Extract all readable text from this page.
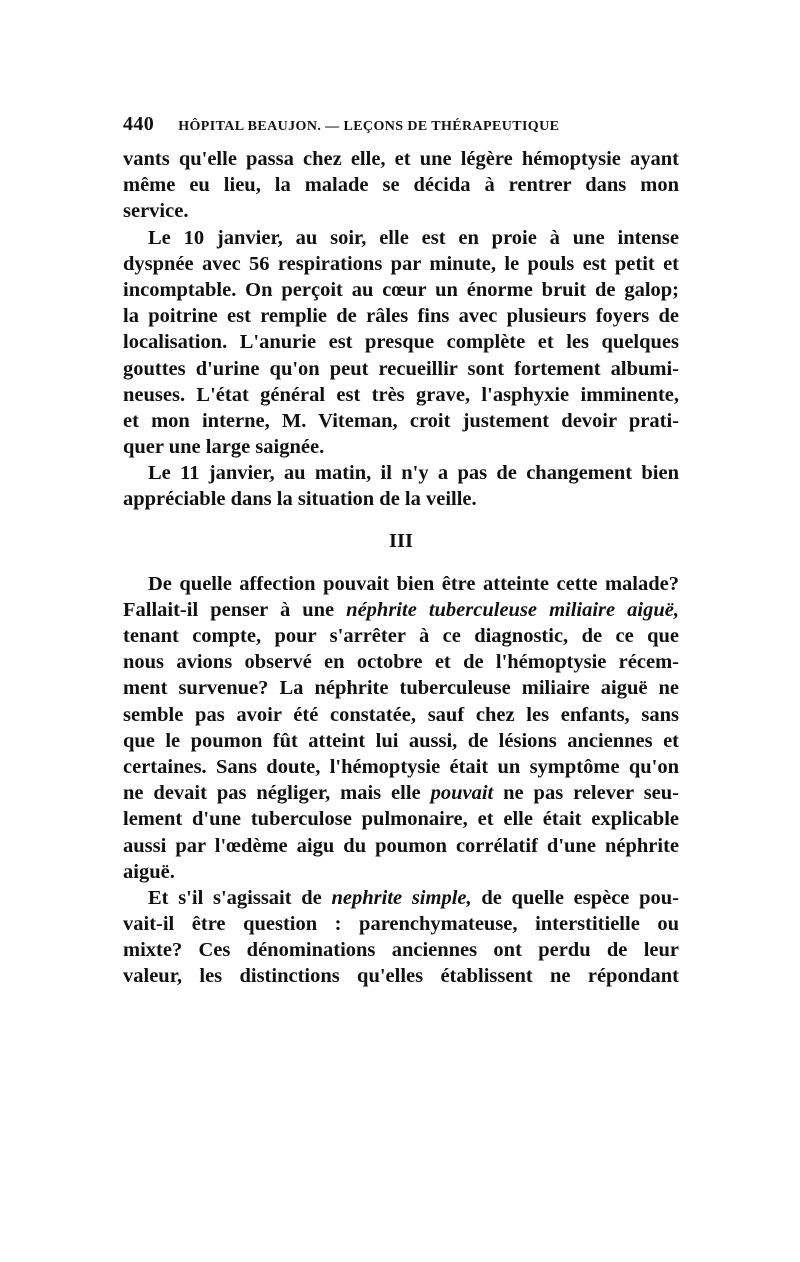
440 HÔPITAL BEAUJON. — LEÇONS DE THÉRAPEUTIQUE
vants qu'elle passa chez elle, et une légère hémoptysie ayant
même eu lieu, la malade se décida à rentrer dans mon
service.
Le 10 janvier, au soir, elle est en proie à une intense
dyspnée avec 56 respirations par minute, le pouls est petit et
incomptable. On perçoit au cœur un énorme bruit de galop;
la poitrine est remplie de râles fins avec plusieurs foyers de
localisation. L'anurie est presque complète et les quelques
gouttes d'urine qu'on peut recueillir sont fortement albumi-
neuses. L'état général est très grave, l'asphyxie imminente,
et mon interne, M. Viteman, croit justement devoir prati-
quer une large saignée.
Le 11 janvier, au matin, il n'y a pas de changement bien
appréciable dans la situation de la veille.
III
De quelle affection pouvait bien être atteinte cette malade?
Fallait-il penser à une néphrite tuberculeuse miliaire aiguë,
tenant compte, pour s'arrêter à ce diagnostic, de ce que
nous avions observé en octobre et de l'hémoptysie récem-
ment survenue? La néphrite tuberculeuse miliaire aiguë ne
semble pas avoir été constatée, sauf chez les enfants, sans
que le poumon fût atteint lui aussi, de lésions anciennes et
certaines. Sans doute, l'hémoptysie était un symptôme qu'on
ne devait pas négliger, mais elle pouvait ne pas relever seu-
lement d'une tuberculose pulmonaire, et elle était explicable
aussi par l'œdème aigu du poumon corrélatif d'une néphrite
aiguë.
Et s'il s'agissait de nephrite simple, de quelle espèce pou-
vait-il être question : parenchymateuse, interstitielle ou
mixte? Ces dénominations anciennes ont perdu de leur
valeur, les distinctions qu'elles établissent ne répondant
